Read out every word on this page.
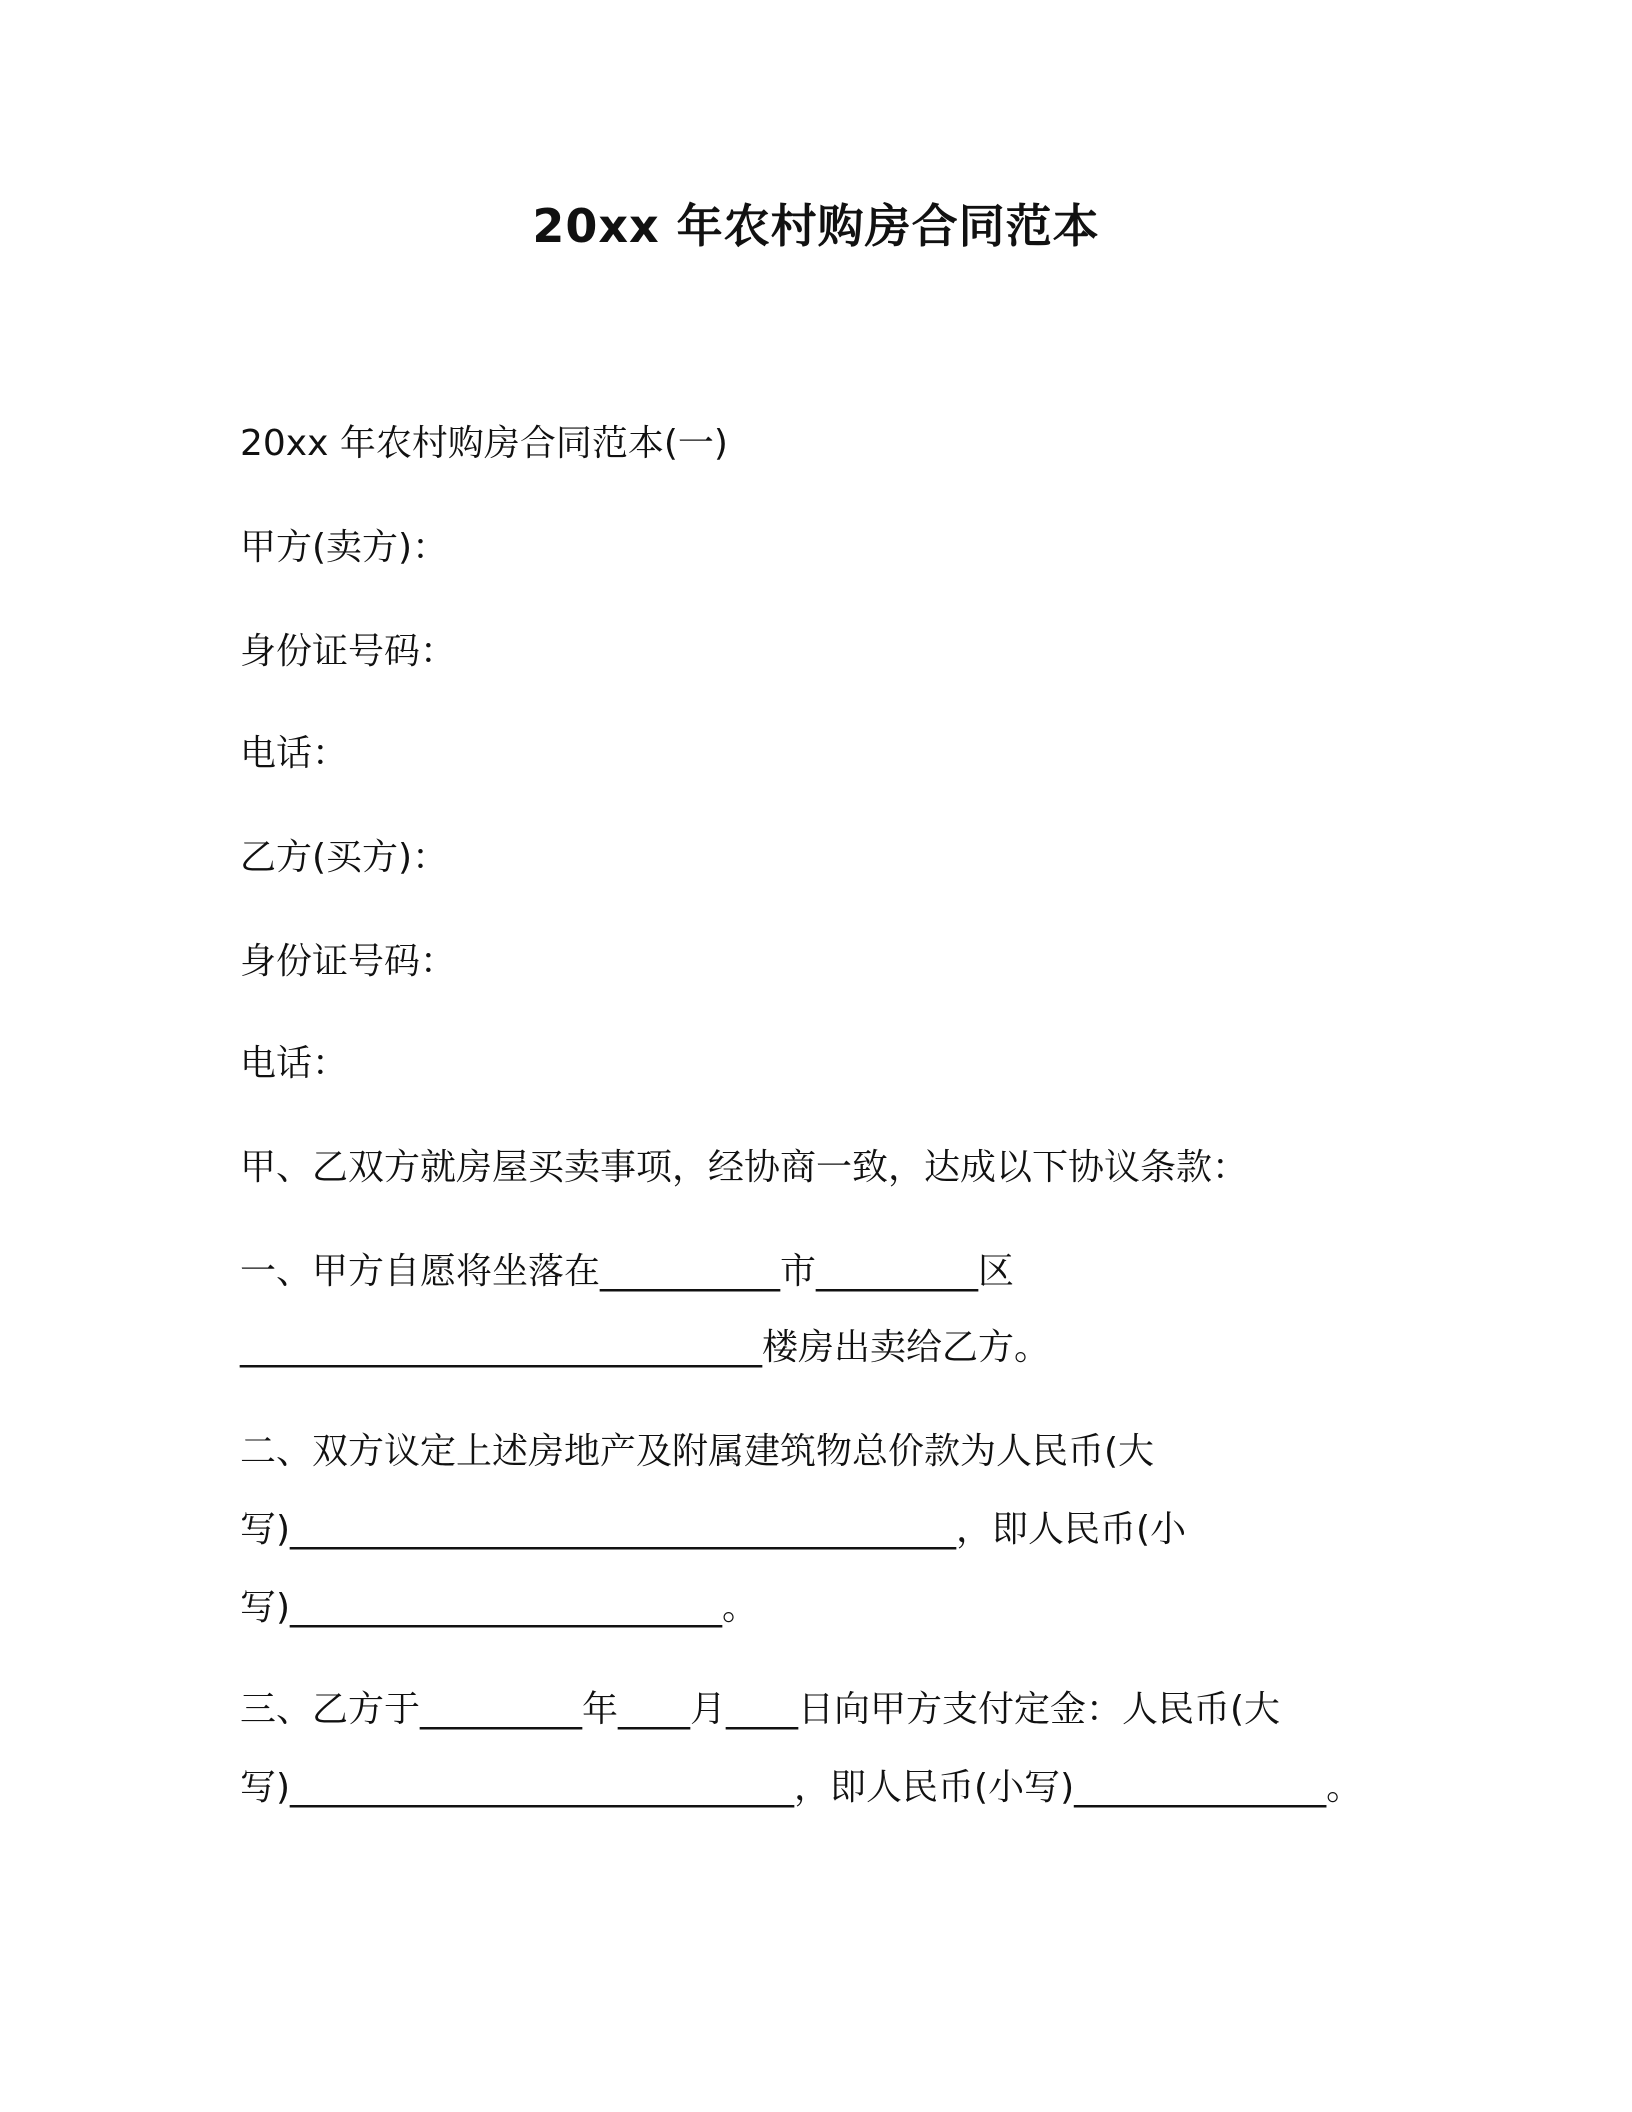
20xx 年农村购房合同范本
20xx 年农村购房合同范本(一)
甲方(卖方)：
身份证号码：
电话：
乙方(买方)：
身份证号码：
电话：
甲、乙双方就房屋买卖事项，经协商一致，达成以下协议条款：
一、甲方自愿将坐落在__________市_________区
_____________________________楼房出卖给乙方。
二、双方议定上述房地产及附属建筑物总价款为人民币(大
写)_____________________________________，即人民币(小
写)________________________。
三、乙方于_________年____月____日向甲方支付定金：人民币(大
写)____________________________，即人民币(小写)______________。
